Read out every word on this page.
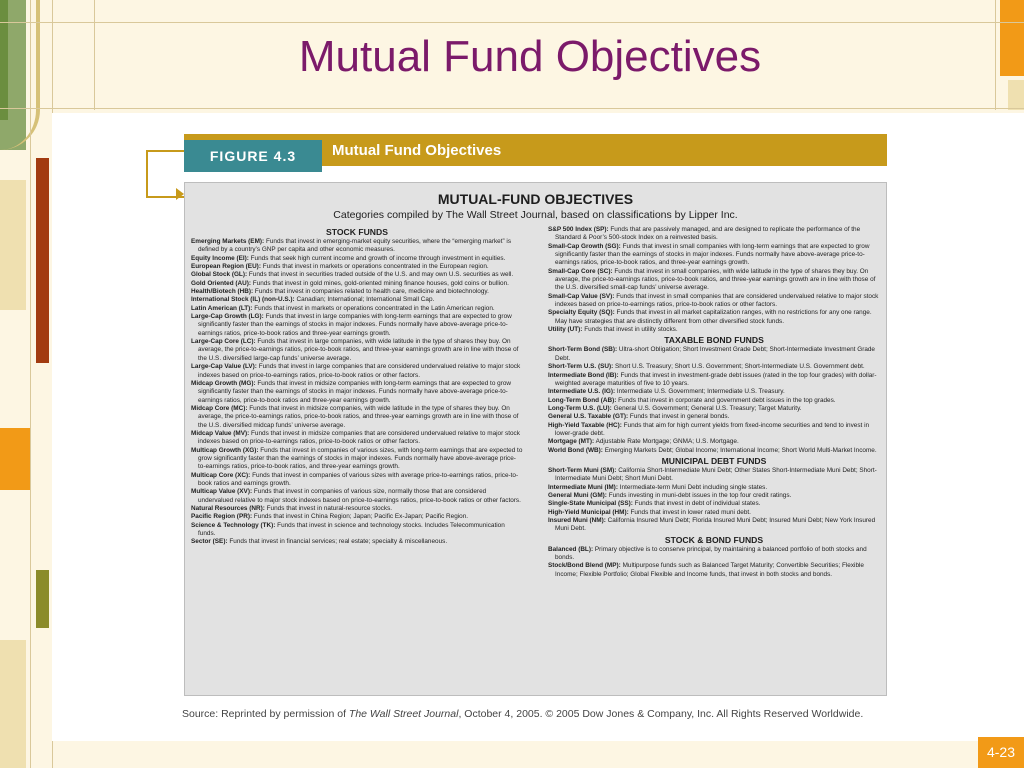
Mutual Fund Objectives
FIGURE 4.3	Mutual Fund Objectives
MUTUAL-FUND OBJECTIVES
Categories compiled by The Wall Street Journal, based on classifications by Lipper Inc.
STOCK FUNDS
Emerging Markets (EM): Funds that invest in emerging-market equity securities, where the “emerging market” is defined by a country’s GNP per capita and other economic measures.
Equity Income (EI): Funds that seek high current income and growth of income through investment in equities.
European Region (EU): Funds that invest in markets or operations concentrated in the European region.
Global Stock (GL): Funds that invest in securities traded outside of the U.S. and may own U.S. securities as well.
Gold Oriented (AU): Funds that invest in gold mines, gold-oriented mining finance houses, gold coins or bullion.
Health/Biotech (HB): Funds that invest in companies related to health care, medicine and biotechnology.
International Stock (IL) (non-U.S.): Canadian; International; International Small Cap.
Latin American (LT): Funds that invest in markets or operations concentrated in the Latin American region.
Large-Cap Growth (LG): Funds that invest in large companies with long-term earnings that are expected to grow significantly faster than the earnings of stocks in major indexes. Funds normally have above-average price-to-earnings ratios, price-to-book ratios and three-year earnings growth.
Large-Cap Core (LC): Funds that invest in large companies, with wide latitude in the type of shares they buy. On average, the price-to-earnings ratios, price-to-book ratios, and three-year earnings growth are in line with those of the U.S. diversified large-cap funds’ universe average.
Large-Cap Value (LV): Funds that invest in large companies that are considered undervalued relative to major stock indexes based on price-to-earnings ratios, price-to-book ratios or other factors.
Midcap Growth (MG): Funds that invest in midsize companies with long-term earnings that are expected to grow significantly faster than the earnings of stocks in major indexes. Funds normally have above-average price-to-earnings ratios, price-to-book ratios and three-year earnings growth.
Midcap Core (MC): Funds that invest in midsize companies, with wide latitude in the type of shares they buy. On average, the price-to-earnings ratios, price-to-book ratios, and three-year earnings growth are in line with those of the U.S. diversified midcap funds’ universe average.
Midcap Value (MV): Funds that invest in midsize companies that are considered undervalued relative to major stock indexes based on price-to-earnings ratios, price-to-book ratios or other factors.
Multicap Growth (XG): Funds that invest in companies of various sizes, with long-term earnings that are expected to grow significantly faster than the earnings of stocks in major indexes. Funds normally have above-average price-to-earnings ratios, price-to-book ratios, and three-year earnings growth.
Multicap Core (XC): Funds that invest in companies of various sizes with average price-to-earnings ratios, price-to-book ratios and earnings growth.
Multicap Value (XV): Funds that invest in companies of various size, normally those that are considered undervalued relative to major stock indexes based on price-to-earnings ratios, price-to-book ratios or other factors.
Natural Resources (NR): Funds that invest in natural-resource stocks.
Pacific Region (PR): Funds that invest in China Region; Japan; Pacific Ex-Japan; Pacific Region.
Science & Technology (TK): Funds that invest in science and technology stocks. Includes Telecommunication funds.
Sector (SE): Funds that invest in financial services; real estate; specialty & miscellaneous.
S&P 500 Index (SP): Funds that are passively managed, and are designed to replicate the performance of the Standard & Poor’s 500-stock Index on a reinvested basis.
Small-Cap Growth (SG): Funds that invest in small companies with long-term earnings that are expected to grow significantly faster than the earnings of stocks in major indexes. Funds normally have above-average price-to-earnings ratios, price-to-book ratios, and three-year earnings growth.
Small-Cap Core (SC): Funds that invest in small companies, with wide latitude in the type of shares they buy. On average, the price-to-earnings ratios, price-to-book ratios, and three-year earnings growth are in line with those of the U.S. diversified small-cap funds’ universe average.
Small-Cap Value (SV): Funds that invest in small companies that are considered undervalued relative to major stock indexes based on price-to-earnings ratios, price-to-book ratios or other factors.
Specialty Equity (SQ): Funds that invest in all market capitalization ranges, with no restrictions for any one range. May have strategies that are distinctly different from other diversified stock funds.
Utility (UT): Funds that invest in utility stocks.
TAXABLE BOND FUNDS
Short-Term Bond (SB): Ultra-short Obligation; Short Investment Grade Debt; Short-Intermediate Investment Grade Debt.
Short-Term U.S. (SU): Short U.S. Treasury; Short U.S. Government; Short-Intermediate U.S. Government debt.
Intermediate Bond (IB): Funds that invest in investment-grade debt issues (rated in the top four grades) with dollar-weighted average maturities of five to 10 years.
Intermediate U.S. (IG): Intermediate U.S. Government; Intermediate U.S. Treasury.
Long-Term Bond (AB): Funds that invest in corporate and government debt issues in the top grades.
Long-Term U.S. (LU): General U.S. Government; General U.S. Treasury; Target Maturity.
General U.S. Taxable (GT): Funds that invest in general bonds.
High-Yield Taxable (HC): Funds that aim for high current yields from fixed-income securities and tend to invest in lower-grade debt.
Mortgage (MT): Adjustable Rate Mortgage; GNMA; U.S. Mortgage.
World Bond (WB): Emerging Markets Debt; Global Income; International Income; Short World Multi-Market Income.
MUNICIPAL DEBT FUNDS
Short-Term Muni (SM): California Short-Intermediate Muni Debt; Other States Short-Intermediate Muni Debt; Short-Intermediate Muni Debt; Short Muni Debt.
Intermediate Muni (IM): Intermediate-term Muni Debt including single states.
General Muni (GM): Funds investing in muni-debt issues in the top four credit ratings.
Single-State Municipal (SS): Funds that invest in debt of individual states.
High-Yield Municipal (HM): Funds that invest in lower rated muni debt.
Insured Muni (NM): California Insured Muni Debt; Florida Insured Muni Debt; Insured Muni Debt; New York Insured Muni Debt.
STOCK & BOND FUNDS
Balanced (BL): Primary objective is to conserve principal, by maintaining a balanced portfolio of both stocks and bonds.
Stock/Bond Blend (MP): Multipurpose funds such as Balanced Target Maturity; Convertible Securities; Flexible Income; Flexible Portfolio; Global Flexible and Income funds, that invest in both stocks and bonds.
Source: Reprinted by permission of The Wall Street Journal, October 4, 2005. © 2005 Dow Jones & Company, Inc. All Rights Reserved Worldwide.
4-23
